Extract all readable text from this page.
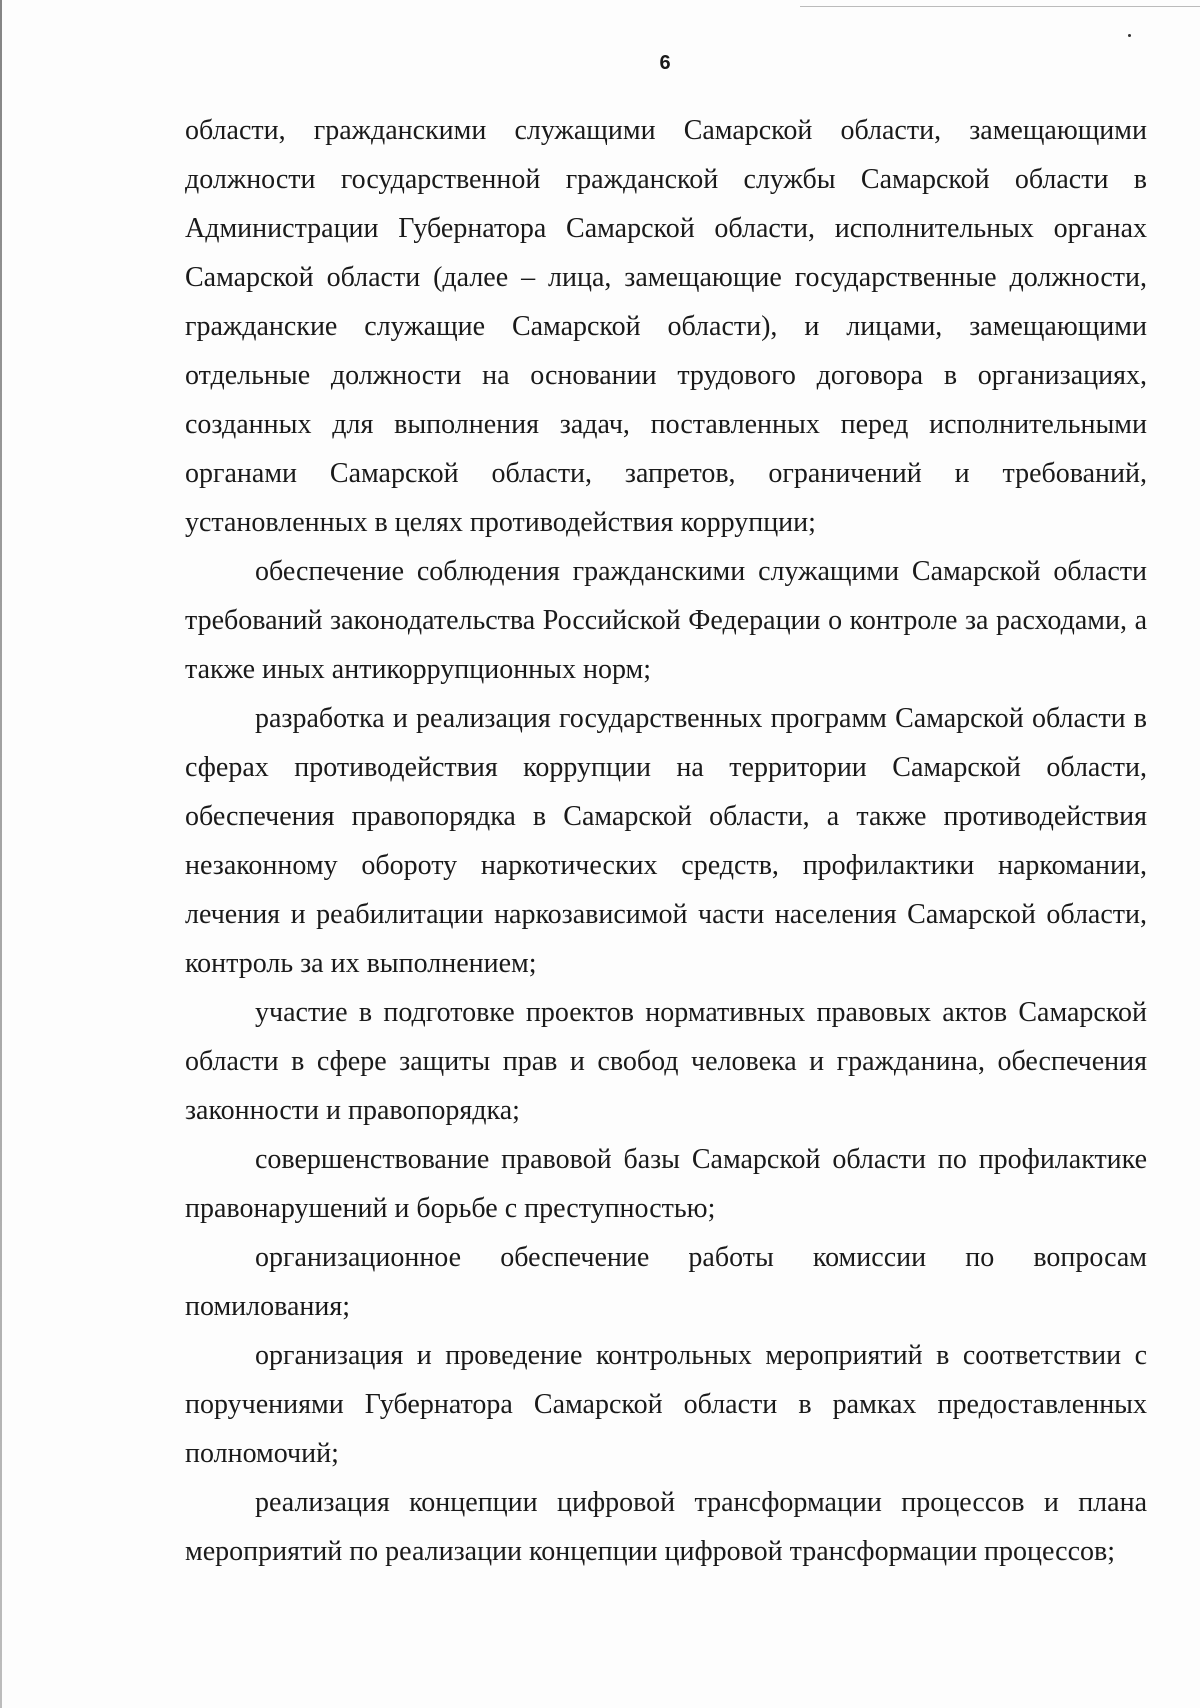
6

области, гражданскими служащими Самарской области, замещающими должности государственной гражданской службы Самарской области в Администрации Губернатора Самарской области, исполнительных органах Самарской области (далее – лица, замещающие государственные должности, гражданские служащие Самарской области), и лицами, замещающими отдельные должности на основании трудового договора в организациях, созданных для выполнения задач, поставленных перед исполнительными органами Самарской области, запретов, ограничений и требований, установленных в целях противодействия коррупции;

обеспечение соблюдения гражданскими служащими Самарской области требований законодательства Российской Федерации о контроле за расходами, а также иных антикоррупционных норм;

разработка и реализация государственных программ Самарской области в сферах противодействия коррупции на территории Самарской области, обеспечения правопорядка в Самарской области, а также противодействия незаконному обороту наркотических средств, профилактики наркомании, лечения и реабилитации наркозависимой части населения Самарской области, контроль за их выполнением;

участие в подготовке проектов нормативных правовых актов Самарской области в сфере защиты прав и свобод человека и гражданина, обеспечения законности и правопорядка;

совершенствование правовой базы Самарской области по профилактике правонарушений и борьбе с преступностью;

организационное обеспечение работы комиссии по вопросам помилования;

организация и проведение контрольных мероприятий в соответствии с поручениями Губернатора Самарской области в рамках предоставленных полномочий;

реализация концепции цифровой трансформации процессов и плана мероприятий по реализации концепции цифровой трансформации процессов;
